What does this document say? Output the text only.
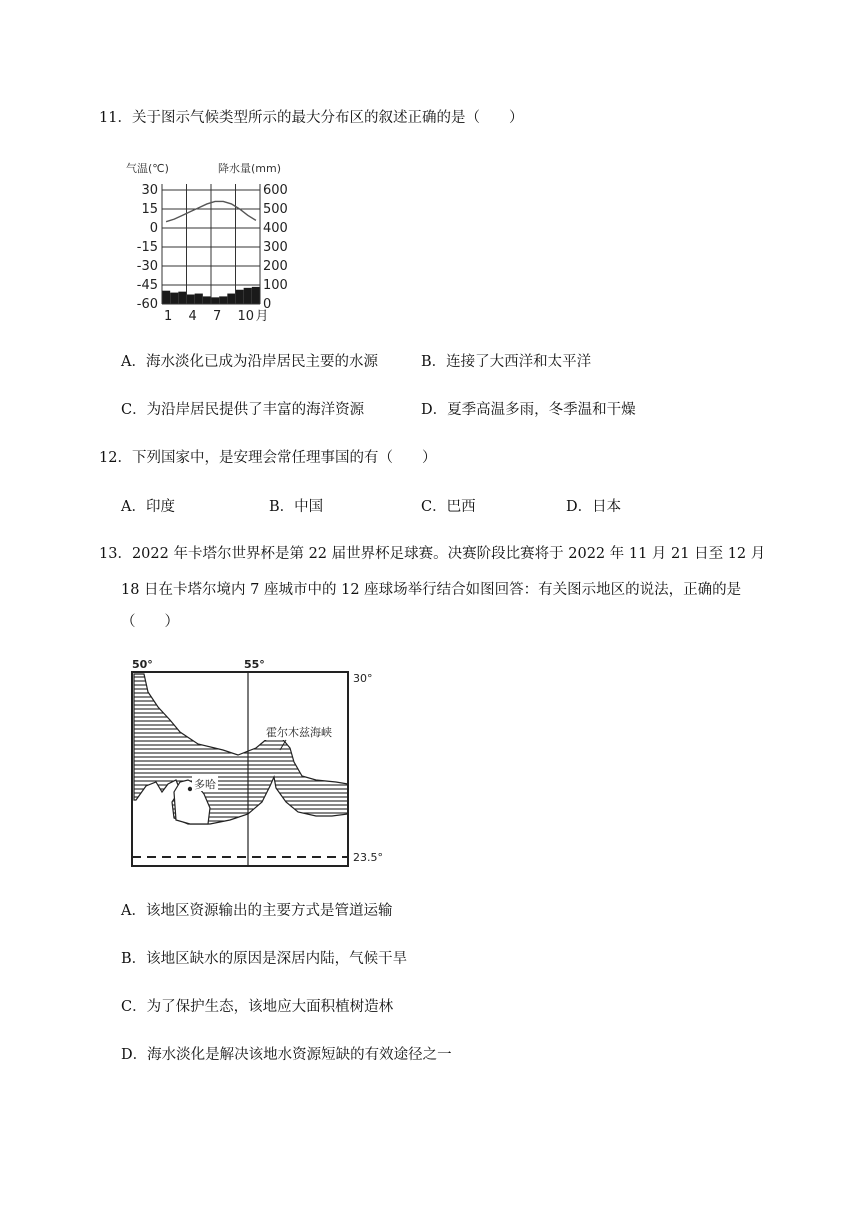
11．关于图示气候类型所示的最大分布区的叙述正确的是（　　）
气温(℃)	降水量(mm)
30
15
0
-15
-30
-45
-60
600
500
400
300
200
100
0
1 4 7 10 月
A．海水淡化已成为沿岸居民主要的水源	B．连接了大西洋和太平洋
C．为沿岸居民提供了丰富的海洋资源	D．夏季高温多雨，冬季温和干燥
12．下列国家中，是安理会常任理事国的有（　　）
A．印度	B．中国	C．巴西	D．日本
13．2022 年卡塔尔世界杯是第 22 届世界杯足球赛。决赛阶段比赛将于 2022 年 11 月 21 日至 12 月
18 日在卡塔尔境内 7 座城市中的 12 座球场举行结合如图回答：有关图示地区的说法，正确的是
（　　）
50°	55°
30°
23.5°
霍尔木兹海峡
多哈
A．该地区资源输出的主要方式是管道运输
B．该地区缺水的原因是深居内陆，气候干旱
C．为了保护生态，该地应大面积植树造林
D．海水淡化是解决该地水资源短缺的有效途径之一
